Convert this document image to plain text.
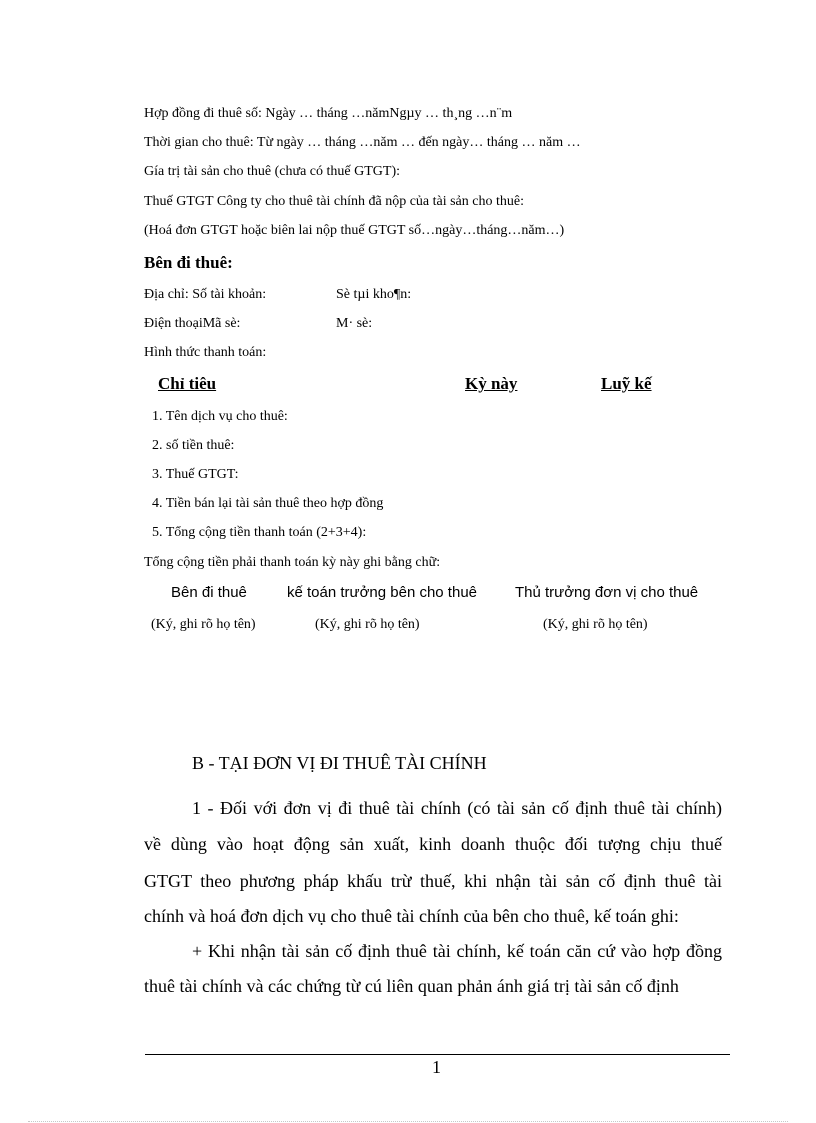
Hợp đồng đi thuê số: Ngày … tháng …nămNgµy … th¸ng …n¨m
Thời gian cho thuê: Từ ngày … tháng …năm … đến ngày… tháng … năm …
Gía trị tài sản cho thuê (chưa có thuế GTGT):
Thuế GTGT Công ty cho thuê tài chính đã nộp của tài sản cho thuê:
(Hoá đơn GTGT hoặc biên lai nộp thuế GTGT số…ngày…tháng…năm…)
Bên đi thuê:
Địa chỉ: Số tài khoản:	Sè tµi kho¶n:
Điện thoạiMã sè:	M· sè:
Hình thức thanh toán:
Chỉ tiêu	Kỳ này	Luỹ kế
1. Tên dịch vụ cho thuê:
2. số tiền thuê:
3. Thuế GTGT:
4. Tiền bán lại tài sản thuê theo hợp đồng
5. Tổng cộng tiền thanh toán (2+3+4):
Tổng cộng tiền phải thanh toán kỳ này ghi bằng chữ:
Bên đi thuê	kế toán trưởng bên cho thuê	Thủ trưởng đơn vị cho thuê
(Ký, ghi rõ họ tên)	(Ký, ghi rõ họ tên)	(Ký, ghi rõ họ tên)
B - TẠI ĐƠN VỊ ĐI THUÊ TÀI CHÍNH
1 - Đối với đơn vị đi thuê tài chính (có tài sản cố định thuê tài chính)
về dùng vào hoạt động sản xuất, kinh doanh thuộc đối tượng chịu thuế
GTGT theo phương pháp khấu trừ thuế, khi nhận tài sản cố định thuê tài
chính và hoá đơn dịch vụ cho thuê tài chính của bên cho thuê, kế toán ghi:
+ Khi nhận tài sản cố định thuê tài chính, kế toán căn cứ vào hợp đồng
thuê tài chính và các chứng từ cú liên quan phản ánh giá trị tài sản cố định
1
